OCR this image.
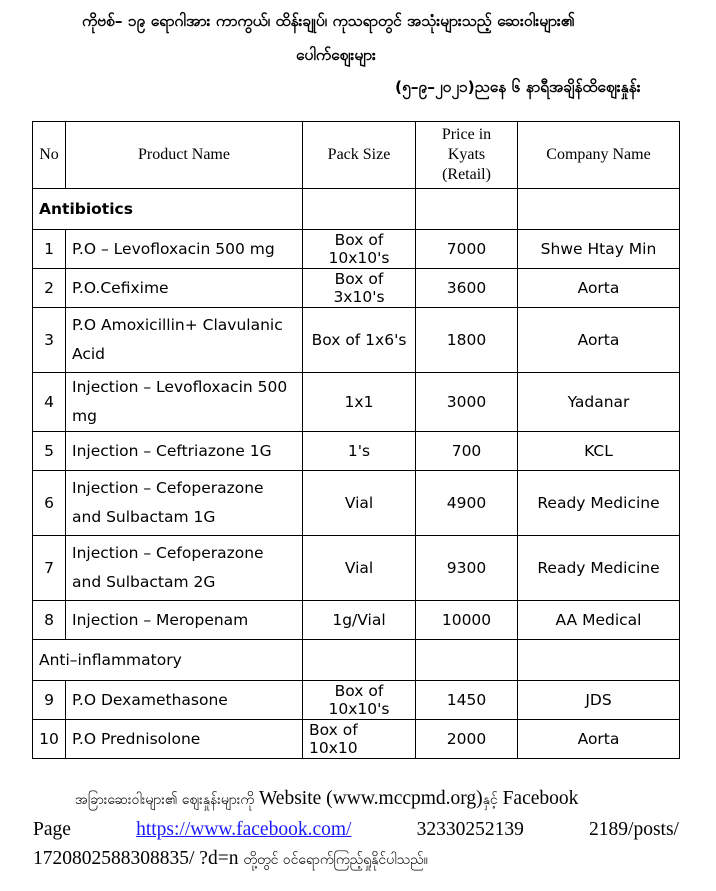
ကိုဗစ်– ၁၉ ရောဂါအား ကာကွယ်၊ ထိန်းချုပ်၊ ကုသရာတွင် အသုံးများသည့် ဆေးဝါးများ၏
ပေါက်ဈေးများ
(၅–၉–၂၀၂၁)ညနေ ၆ နာရီအချိန်ထိဈေးနှုန်း
No	Product Name	Pack Size	Price in Kyats (Retail)	Company Name
Antibiotics				
1	P.O – Levofloxacin 500 mg	Box of 10x10's	7000	Shwe Htay Min
2	P.O.Cefixime	Box of 3x10's	3600	Aorta
3	P.O Amoxicillin+ Clavulanic Acid	Box of 1x6's	1800	Aorta
4	Injection – Levofloxacin 500 mg	1x1	3000	Yadanar
5	Injection – Ceftriazone 1G	1's	700	KCL
6	Injection – Cefoperazone and Sulbactam 1G	Vial	4900	Ready Medicine
7	Injection – Cefoperazone and Sulbactam 2G	Vial	9300	Ready Medicine
8	Injection – Meropenam	1g/Vial	10000	AA Medical
Anti–inflammatory				
9	P.O Dexamethasone	Box of 10x10's	1450	JDS
10	P.O Prednisolone	Box of 10x10	2000	Aorta
အခြားဆေးဝါးများ၏ ဈေးနှုန်းများကို Website (www.mccpmd.org)နှင့် Facebook
Page	https://www.facebook.com/	32330252139	2189/posts/
1720802588308835/ ?d=n တို့တွင် ဝင်ရောက်ကြည့်ရှုနိုင်ပါသည်။
